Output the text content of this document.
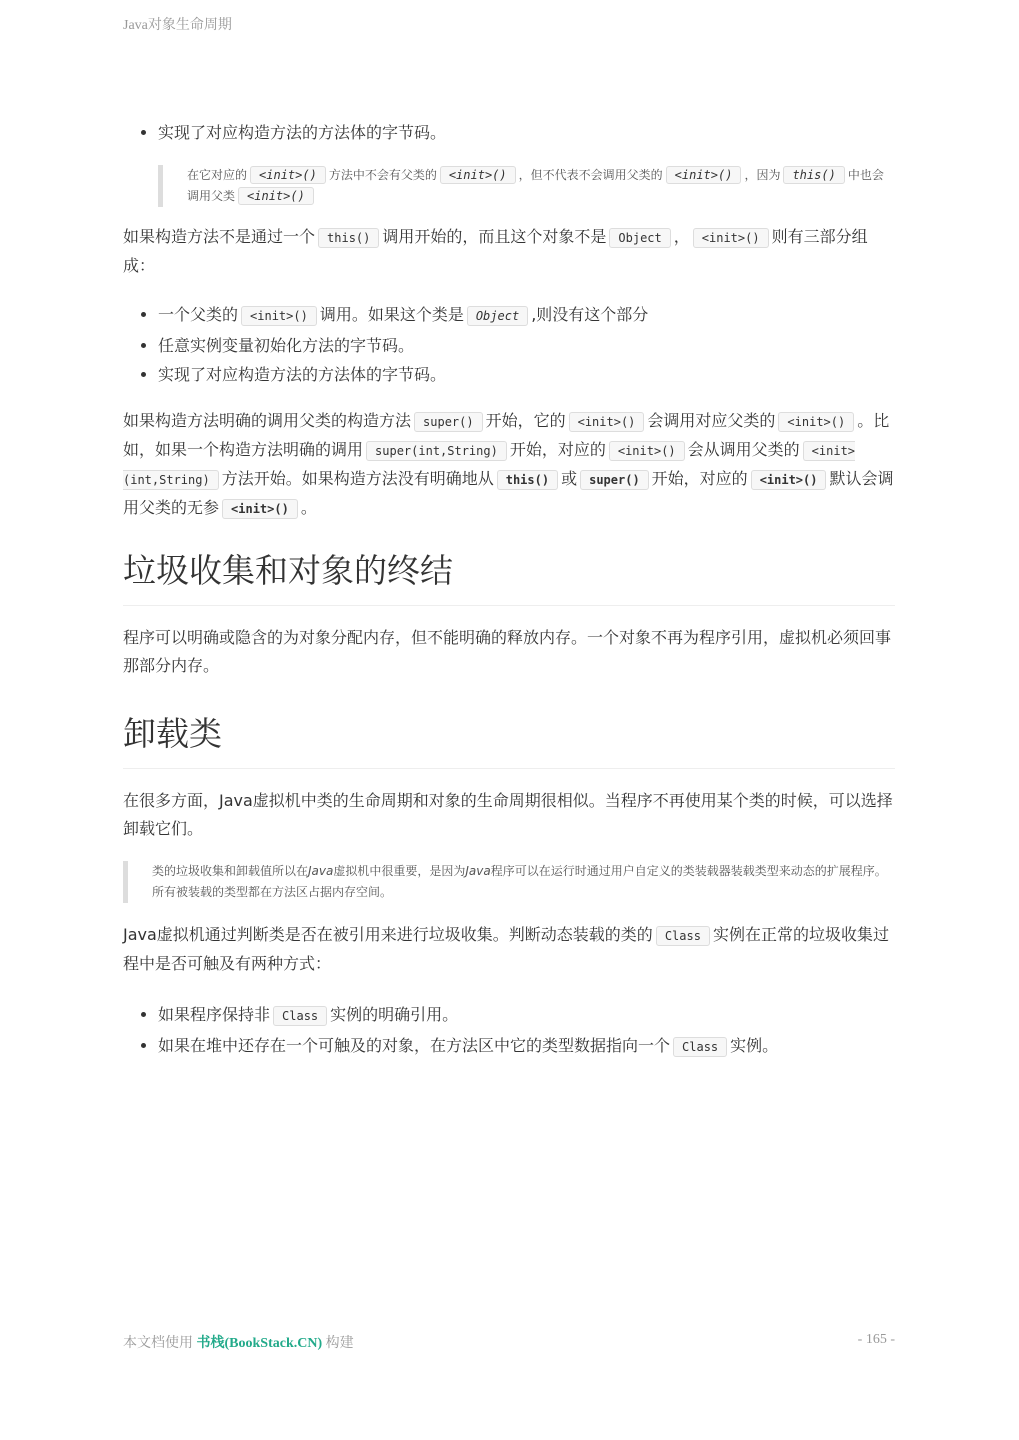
Java对象生命周期
• 实现了对应构造方法的方法体的字节码。
在它对应的 <init>() 方法中不会有父类的 <init>() ，但不代表不会调用父类的 <init>() ，因为 this() 中也会调用父类 <init>()

如果构造方法不是通过一个 this() 调用开始的，而且这个对象不是 Object ， <init>() 则有三部分组成：

• 一个父类的 <init>() 调用。如果这个类是 Object ,则没有这个部分
• 任意实例变量初始化方法的字节码。
• 实现了对应构造方法的方法体的字节码。

如果构造方法明确的调用父类的构造方法 super() 开始，它的 <init>() 会调用对应父类的 <init>() 。比如，如果一个构造方法明确的调用 super(int,String) 开始，对应的 <init>() 会从调用父类的 <init>(int,String) 方法开始。如果构造方法没有明确地从 this() 或 super() 开始，对应的 <init>() 默认会调用父类的无参 <init>() 。

垃圾收集和对象的终结

程序可以明确或隐含的为对象分配内存，但不能明确的释放内存。一个对象不再为程序引用，虚拟机必须回事那部分内存。

卸载类

在很多方面，Java虚拟机中类的生命周期和对象的生命周期很相似。当程序不再使用某个类的时候，可以选择卸载它们。

类的垃圾收集和卸载值所以在Java虚拟机中很重要，是因为Java程序可以在运行时通过用户自定义的类装载器装载类型来动态的扩展程序。所有被装载的类型都在方法区占据内存空间。

Java虚拟机通过判断类是否在被引用来进行垃圾收集。判断动态装载的类的 Class 实例在正常的垃圾收集过程中是否可触及有两种方式：

• 如果程序保持非 Class 实例的明确引用。
• 如果在堆中还存在一个可触及的对象，在方法区中它的类型数据指向一个 Class 实例。
本文档使用 书栈(BookStack.CN) 构建	- 165 -
